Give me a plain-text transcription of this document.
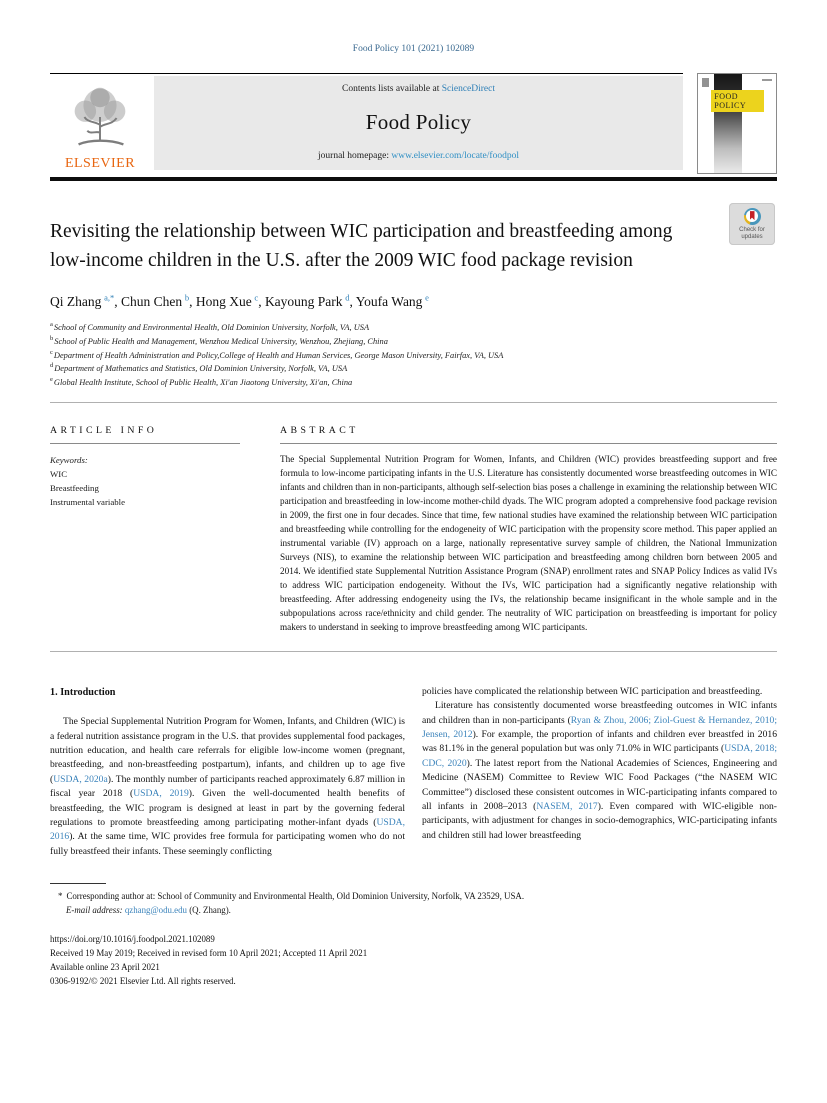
Food Policy 101 (2021) 102089
ELSEVIER
Contents lists available at ScienceDirect
Food Policy
journal homepage: www.elsevier.com/locate/foodpol
FOOD POLICY
Revisiting the relationship between WIC participation and breastfeeding among low-income children in the U.S. after the 2009 WIC food package revision
Check for updates
Qi Zhang  $^{a,*}$, Chun Chen  $^b$, Hong Xue  $^c$, Kayoung Park  $^d$, Youfa Wang  $^e$
$^a$School of Community and Environmental Health, Old Dominion University, Norfolk, VA, USA
$^b$School of Public Health and Management, Wenzhou Medical University, Wenzhou, Zhejiang, China
$^c$Department of Health Administration and Policy,College of Health and Human Services, George Mason University, Fairfax, VA, USA
$^d$Department of Mathematics and Statistics, Old Dominion University, Norfolk, VA, USA
$^e$Global Health Institute, School of Public Health, Xi'an Jiaotong University, Xi'an, China
ARTICLE INFO
Keywords:
WIC
Breastfeeding
Instrumental variable
ABSTRACT
The Special Supplemental Nutrition Program for Women, Infants, and Children (WIC) provides breastfeeding support and free formula to low-income participating infants in the U.S. Literature has consistently documented worse breastfeeding outcomes in WIC infants and children than in non-participants, although self-selection bias poses a challenge in examining the relationship between WIC participation and breastfeeding in low-income mother-child dyads. The WIC program adopted a comprehensive food package revision in 2009, the first one in four decades. Since that time, few national studies have examined the relationship between WIC participation and breastfeeding while controlling for the endogeneity of WIC participation with the propensity score method. This paper applied an instrumental variable (IV) approach on a large, nationally representative survey sample of children, the National Immunization Surveys (NIS), to examine the relationship between WIC participation and breastfeeding among children born between 2005 and 2014. We identified state Supplemental Nutrition Assistance Program (SNAP) enrollment rates and SNAP Policy Indices as valid IVs to address WIC participation endogeneity. Without the IVs, WIC participation had a significantly negative relationship with breastfeeding. After addressing endogeneity using the IVs, the relationship became insignificant in the whole sample and in the subpopulations across race/ethnicity and child gender. The neutrality of WIC participation on breastfeeding is important for policy makers to understand in seeking to improve breastfeeding among WIC participants.
1. Introduction

The Special Supplemental Nutrition Program for Women, Infants, and Children (WIC) is a federal nutrition assistance program in the U.S. that provides supplemental food packages, nutrition education, and health care referrals for eligible low-income women (pregnant, breastfeeding, and non-breastfeeding postpartum), infants, and children up to age five (USDA, 2020a). The monthly number of participants reached approximately 6.87 million in fiscal year 2018 (USDA, 2019). Given the well-documented health benefits of breastfeeding, the WIC program is designed at least in part by the governing federal regulations to promote breastfeeding among participating mother-infant dyads (USDA, 2016). At the same time, WIC provides free formula for participating women who do not fully breastfeed their infants. These seemingly conflicting

policies have complicated the relationship between WIC participation and breastfeeding.

Literature has consistently documented worse breastfeeding outcomes in WIC infants and children than in non-participants (Ryan & Zhou, 2006; Ziol-Guest & Hernandez, 2010; Jensen, 2012). For example, the proportion of infants and children ever breastfed in 2016 was 81.1% in the general population but was only 71.0% in WIC participants (USDA, 2018; CDC, 2020). The latest report from the National Academies of Sciences, Engineering and Medicine (NASEM) Committee to Review WIC Food Packages (“the NASEM WIC Committee”) disclosed these consistent outcomes in WIC-participating infants compared to all infants in 2008–2013 (NASEM, 2017). Even compared with WIC-eligible non-participants, with adjustment for changes in socio-demographics, WIC-participating infants and children still had lower breastfeeding

* Corresponding author at: School of Community and Environmental Health, Old Dominion University, Norfolk, VA 23529, USA.
E-mail address: qzhang@odu.edu (Q. Zhang).
https://doi.org/10.1016/j.foodpol.2021.102089
Received 19 May 2019; Received in revised form 10 April 2021; Accepted 11 April 2021
Available online 23 April 2021
0306-9192/© 2021 Elsevier Ltd. All rights reserved.
